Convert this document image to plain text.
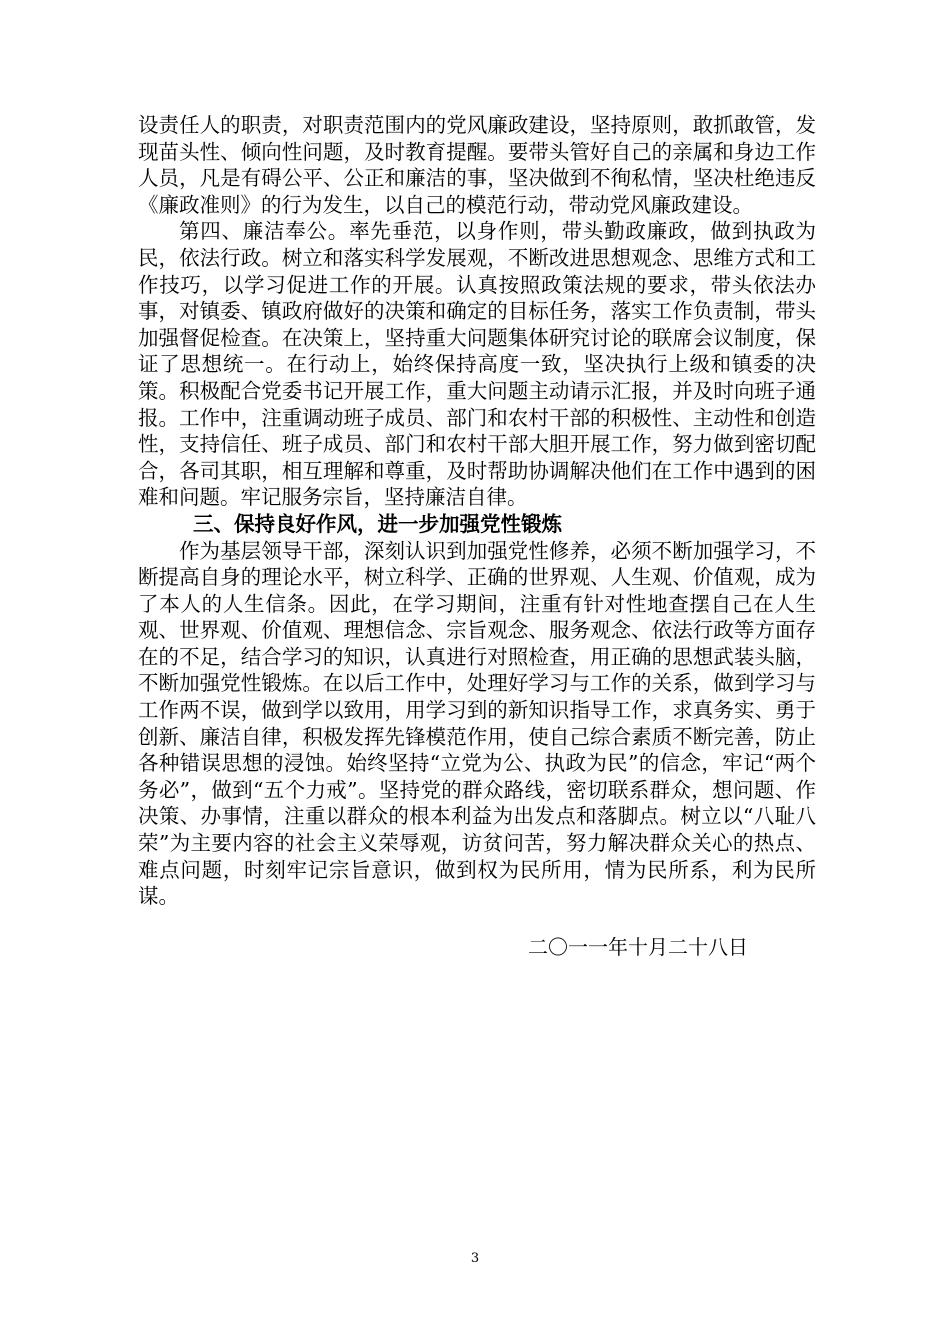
设责任人的职责，对职责范围内的党风廉政建设，坚持原则，敢抓敢管，发现苗头性、倾向性问题，及时教育提醒。要带头管好自己的亲属和身边工作人员，凡是有碍公平、公正和廉洁的事，坚决做到不徇私情，坚决杜绝违反《廉政准则》的行为发生，以自己的模范行动，带动党风廉政建设。

第四、廉洁奉公。率先垂范，以身作则，带头勤政廉政，做到执政为民，依法行政。树立和落实科学发展观，不断改进思想观念、思维方式和工作技巧，以学习促进工作的开展。认真按照政策法规的要求，带头依法办事，对镇委、镇政府做好的决策和确定的目标任务，落实工作负责制，带头加强督促检查。在决策上，坚持重大问题集体研究讨论的联席会议制度，保证了思想统一。在行动上，始终保持高度一致，坚决执行上级和镇委的决策。积极配合党委书记开展工作，重大问题主动请示汇报，并及时向班子通报。工作中，注重调动班子成员、部门和农村干部的积极性、主动性和创造性，支持信任、班子成员、部门和农村干部大胆开展工作，努力做到密切配合，各司其职，相互理解和尊重，及时帮助协调解决他们在工作中遇到的困难和问题。牢记服务宗旨，坚持廉洁自律。

三、保持良好作风，进一步加强党性锻炼

作为基层领导干部，深刻认识到加强党性修养，必须不断加强学习，不断提高自身的理论水平，树立科学、正确的世界观、人生观、价值观，成为了本人的人生信条。因此，在学习期间，注重有针对性地查摆自己在人生观、世界观、价值观、理想信念、宗旨观念、服务观念、依法行政等方面存在的不足，结合学习的知识，认真进行对照检查，用正确的思想武装头脑，不断加强党性锻炼。在以后工作中，处理好学习与工作的关系，做到学习与工作两不误，做到学以致用，用学习到的新知识指导工作，求真务实、勇于创新、廉洁自律，积极发挥先锋模范作用，使自己综合素质不断完善，防止各种错误思想的浸蚀。始终坚持“立党为公、执政为民”的信念，牢记“两个务必”，做到“五个力戒”。坚持党的群众路线，密切联系群众，想问题、作决策、办事情，注重以群众的根本利益为出发点和落脚点。树立以“八耻八荣”为主要内容的社会主义荣辱观，访贫问苦，努力解决群众关心的热点、难点问题，时刻牢记宗旨意识，做到权为民所用，情为民所系，利为民所谋。

二〇一一年十月二十八日
3
